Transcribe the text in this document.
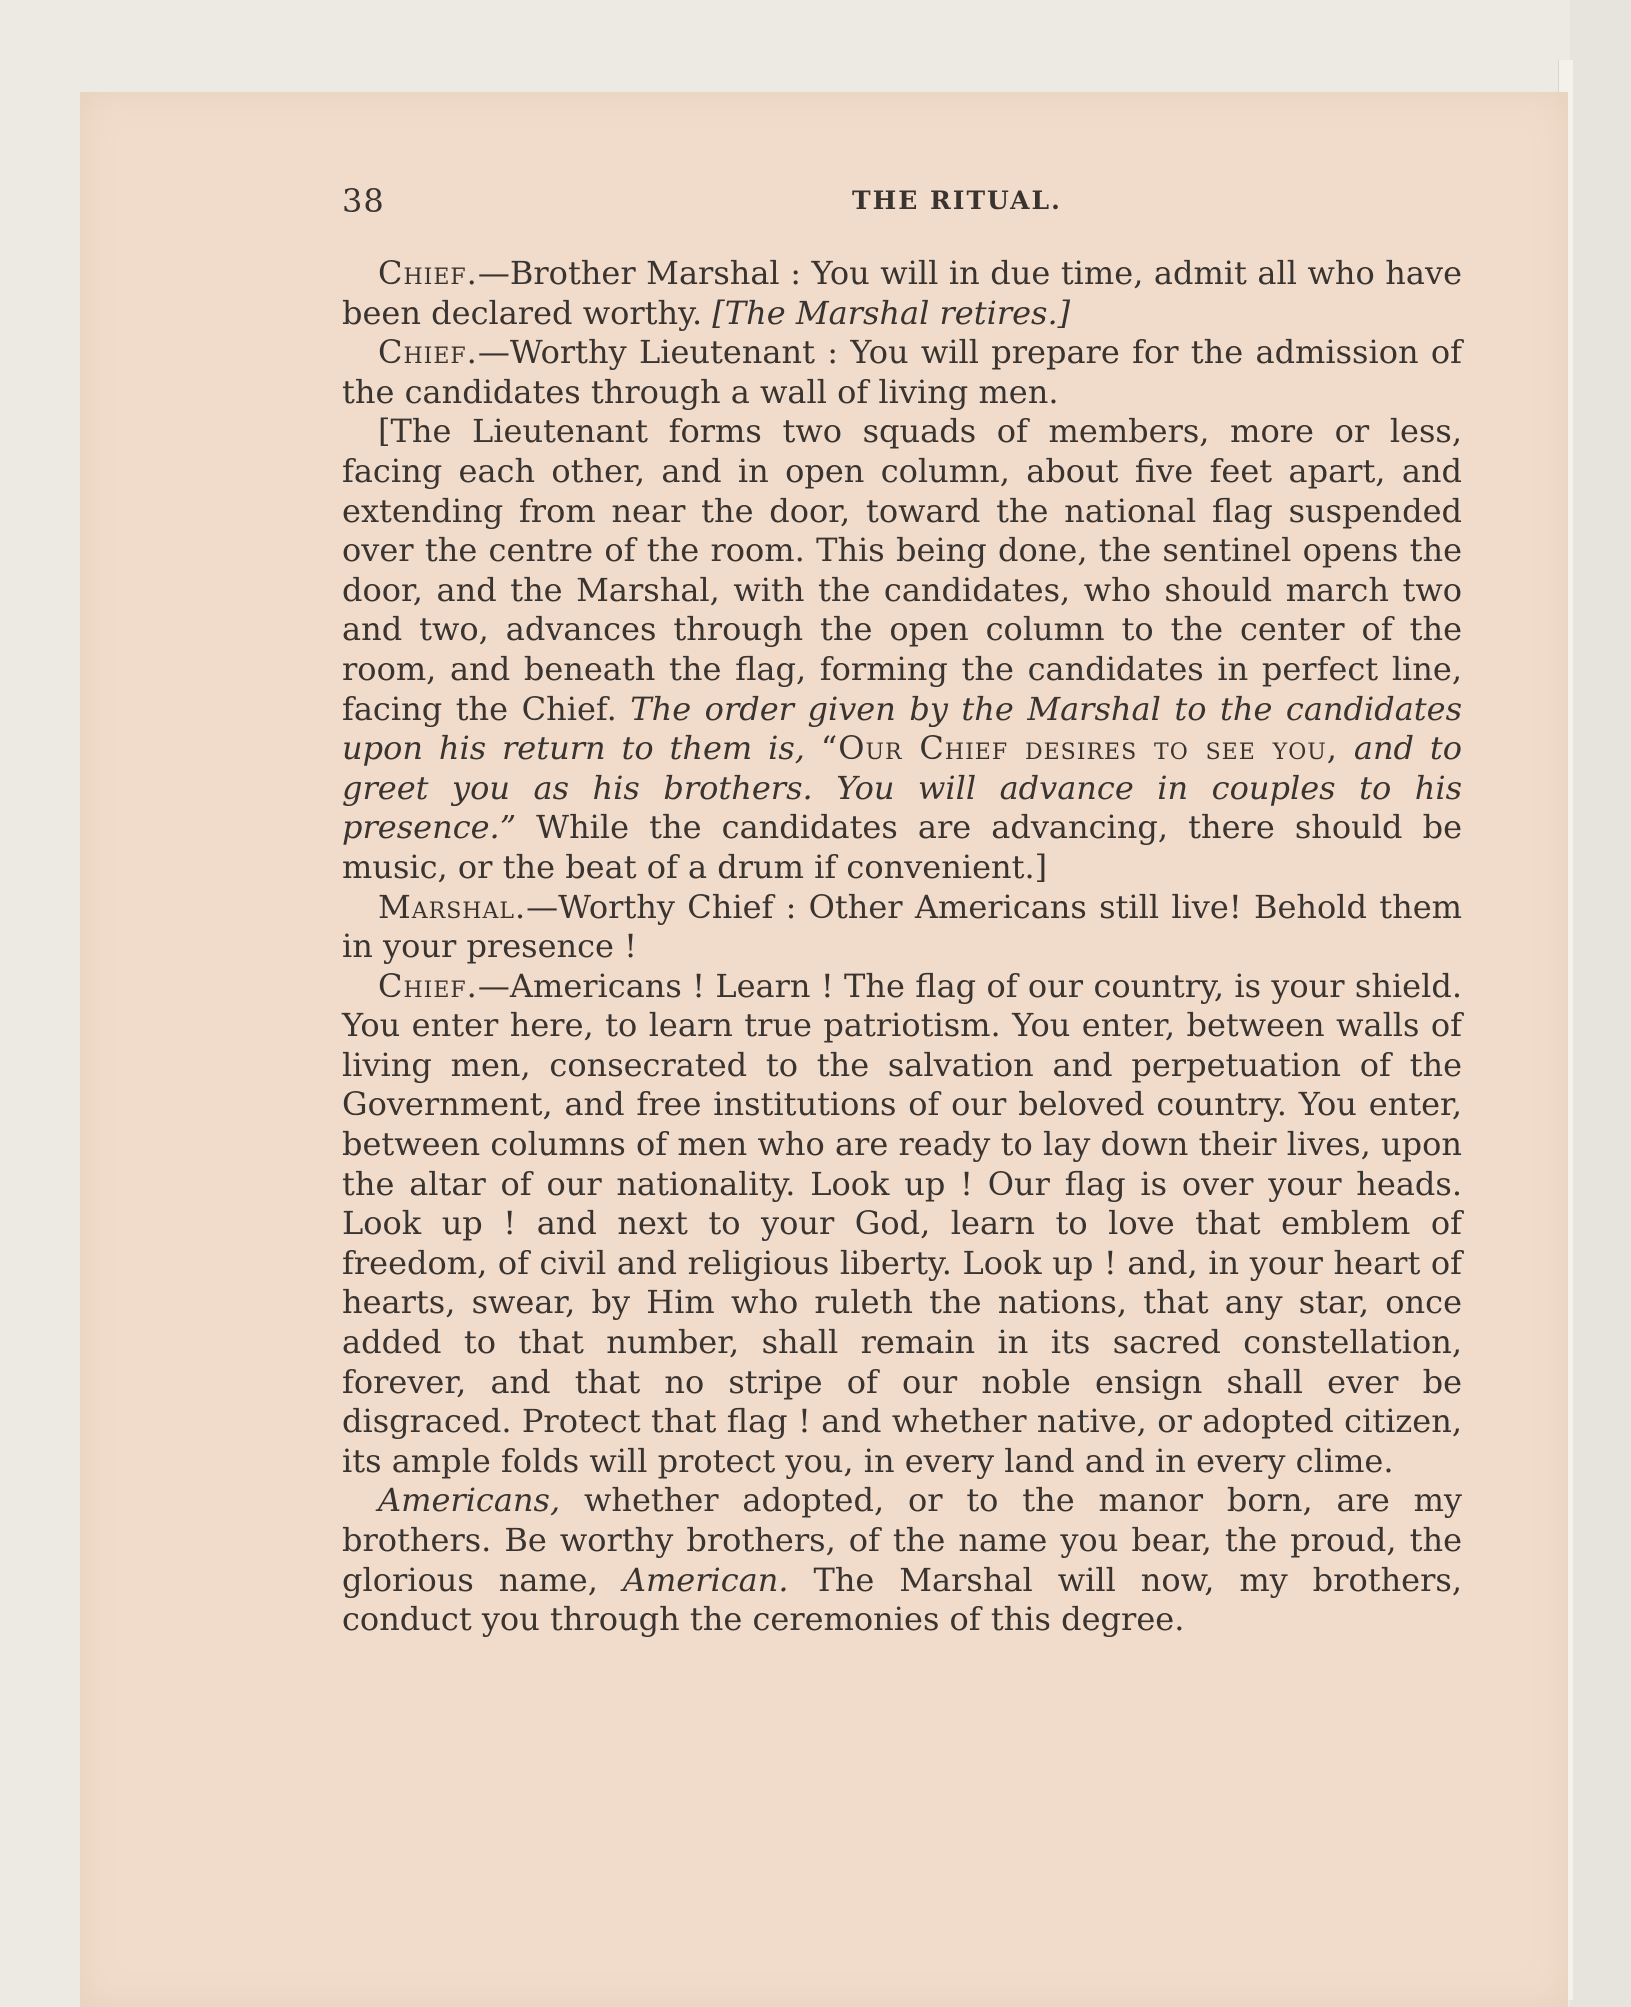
38	THE RITUAL.

Chief.—Brother Marshal : You will in due time, admit all who have been declared worthy. [The Marshal retires.]

Chief.—Worthy Lieutenant : You will prepare for the admission of the candidates through a wall of living men.

[The Lieutenant forms two squads of members, more or less, facing each other, and in open column, about five feet apart, and extending from near the door, toward the national flag suspended over the centre of the room. This being done, the sentinel opens the door, and the Marshal, with the candidates, who should march two and two, advances through the open column to the center of the room, and beneath the flag, forming the candidates in perfect line, facing the Chief. The order given by the Marshal to the candidates upon his return to them is, “Our Chief desires to see you, and to greet you as his brothers. You will advance in couples to his presence.” While the candidates are advancing, there should be music, or the beat of a drum if convenient.]

Marshal.—Worthy Chief : Other Americans still live! Behold them in your presence !

Chief.—Americans ! Learn ! The flag of our country, is your shield. You enter here, to learn true patriotism. You enter, between walls of living men, consecrated to the salvation and perpetuation of the Government, and free institutions of our beloved country. You enter, between columns of men who are ready to lay down their lives, upon the altar of our nationality. Look up ! Our flag is over your heads. Look up ! and next to your God, learn to love that emblem of freedom, of civil and religious liberty. Look up ! and, in your heart of hearts, swear, by Him who ruleth the nations, that any star, once added to that number, shall remain in its sacred constellation, forever, and that no stripe of our noble ensign shall ever be disgraced. Protect that flag ! and whether native, or adopted citizen, its ample folds will protect you, in every land and in every clime.

Americans, whether adopted, or to the manor born, are my brothers. Be worthy brothers, of the name you bear, the proud, the glorious name, American. The Marshal will now, my brothers, conduct you through the ceremonies of this degree.
